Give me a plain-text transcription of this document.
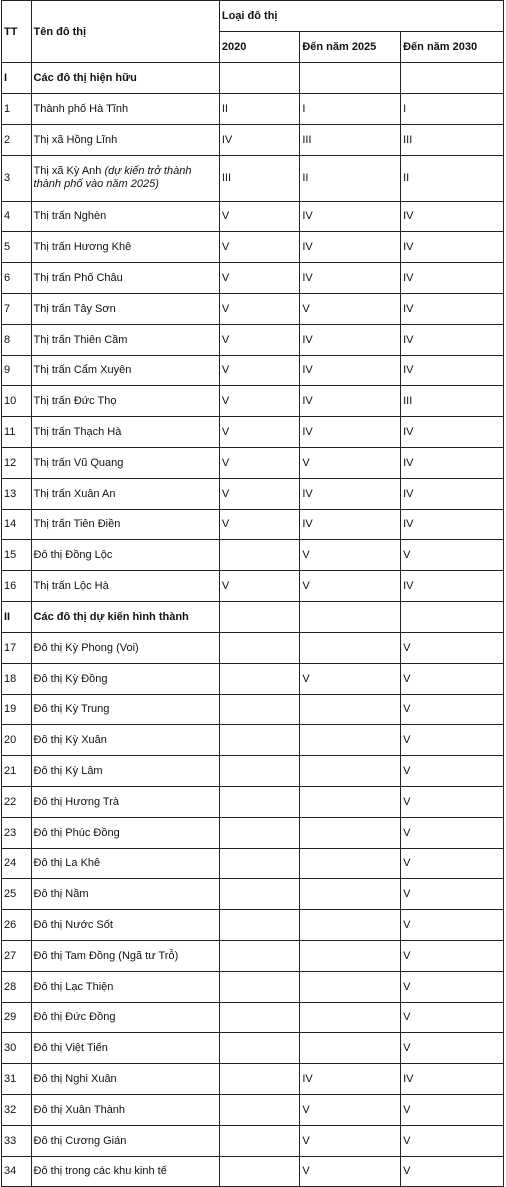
TT	Tên đô thị	Loại đô thị		
		2020	Đến năm 2025	Đến năm 2030
I	Các đô thị hiện hữu			
1	Thành phố Hà Tĩnh	II	I	I
2	Thị xã Hồng Lĩnh	IV	III	III
3	Thị xã Kỳ Anh (dự kiến trở thành thành phố vào năm 2025)	III	II	II
4	Thị trấn Nghèn	V	IV	IV
5	Thị trấn Hương Khê	V	IV	IV
6	Thị trấn Phố Châu	V	IV	IV
7	Thị trấn Tây Sơn	V	V	IV
8	Thị trấn Thiên Cầm	V	IV	IV
9	Thị trấn Cẩm Xuyên	V	IV	IV
10	Thị trấn Đức Thọ	V	IV	III
11	Thị trấn Thạch Hà	V	IV	IV
12	Thị trấn Vũ Quang	V	V	IV
13	Thị trấn Xuân An	V	IV	IV
14	Thị trấn Tiên Điền	V	IV	IV
15	Đô thị Đồng Lộc		V	V
16	Thị trấn Lộc Hà	V	V	IV
II	Các đô thị dự kiến hình thành			
17	Đô thị Kỳ Phong (Voi)			V
18	Đô thị Kỳ Đồng		V	V
19	Đô thị Kỳ Trung			V
20	Đô thị Kỳ Xuân			V
21	Đô thị Kỳ Lâm			V
22	Đô thị Hương Trà			V
23	Đô thị Phúc Đồng			V
24	Đô thị La Khê			V
25	Đô thị Nầm			V
26	Đô thị Nước Sốt			V
27	Đô thị Tam Đồng (Ngã tư Trỗ)			V
28	Đô thị Lạc Thiện			V
29	Đô thị Đức Đồng			V
30	Đô thị Việt Tiến			V
31	Đô thị Nghi Xuân		IV	IV
32	Đô thị Xuân Thành		V	V
33	Đô thị Cương Gián		V	V
34	Đô thị trong các khu kinh tế		V	V
